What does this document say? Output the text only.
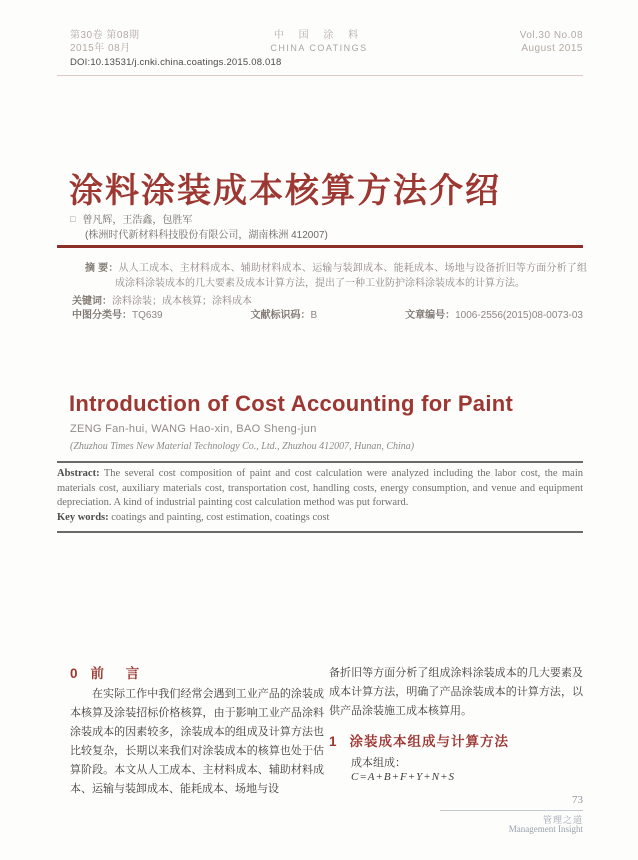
第30卷 第08期
2015年 08月
中 国 涂 料
CHINA COATINGS
Vol.30 No.08
August 2015
DOI:10.13531/j.cnki.china.coatings.2015.08.018
涂料涂装成本核算方法介绍
□ 曾凡辉，王浩鑫，包胜军
(株洲时代新材料科技股份有限公司，湖南株洲 412007)
摘 要：从人工成本、主材料成本、辅助材料成本、运输与装卸成本、能耗成本、场地与设备折旧等方面分析了组成涂料涂装成本的几大要素及成本计算方法，提出了一种工业防护涂料涂装成本的计算方法。
关键词：涂料涂装；成本核算；涂料成本
中图分类号：TQ639	文献标识码：B	文章编号：1006-2556(2015)08-0073-03
Introduction of Cost Accounting for Paint
ZENG Fan-hui, WANG Hao-xin, BAO Sheng-jun
(Zhuzhou Times New Material Technology Co., Ltd., Zhuzhou 412007, Hunan, China)
Abstract: The several cost composition of paint and cost calculation were analyzed including the labor cost, the main materials cost, auxiliary materials cost, transportation cost, handling costs, energy consumption, and venue and equipment depreciation. A kind of industrial painting cost calculation method was put forward.
Key words: coatings and painting, cost estimation, coatings cost
0 前 言
在实际工作中我们经常会遇到工业产品的涂装成本核算及涂装招标价格核算，由于影响工业产品涂料涂装成本的因素较多，涂装成本的组成及计算方法也比较复杂，长期以来我们对涂装成本的核算也处于估算阶段。本文从人工成本、主材料成本、辅助材料成本、运输与装卸成本、能耗成本、场地与设
备折旧等方面分析了组成涂料涂装成本的几大要素及成本计算方法，明确了产品涂装成本的计算方法，以供产品涂装施工成本核算用。
1 涂装成本组成与计算方法
成本组成：
C=A+B+F+Y+N+S
73
管理之道
Management Insight
